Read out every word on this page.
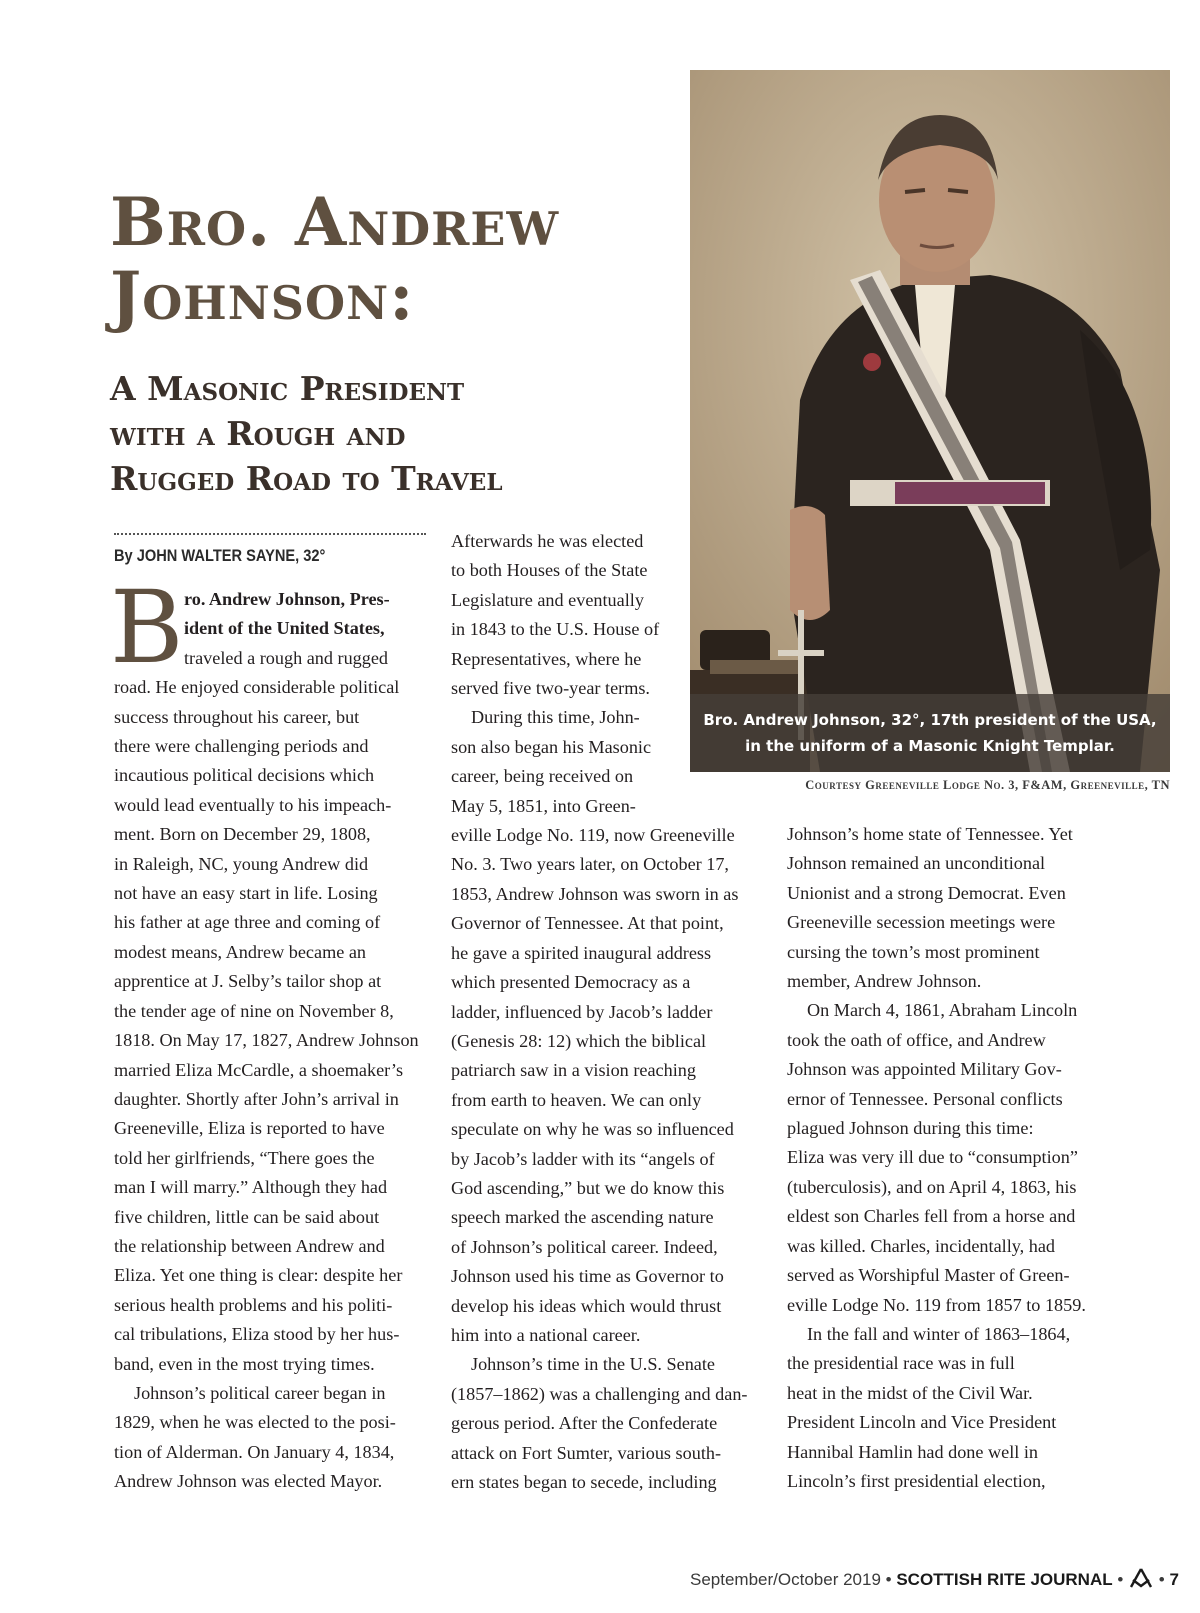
Bro. Andrew
Johnson:
A Masonic President
with a Rough and
Rugged Road to Travel
Bro. Andrew Johnson, 32°, 17th president of the USA,
in the uniform of a Masonic Knight Templar.
Courtesy Greeneville Lodge No. 3, F&AM, Greeneville, TN
By JOHN WALTER SAYNE, 32°
B ro. Andrew Johnson, Pres-
ident of the United States,
traveled a rough and rugged
road. He enjoyed considerable political
success throughout his career, but
there were challenging periods and
incautious political decisions which
would lead eventually to his impeach-
ment. Born on December 29, 1808,
in Raleigh, NC, young Andrew did
not have an easy start in life. Losing
his father at age three and coming of
modest means, Andrew became an
apprentice at J. Selby’s tailor shop at
the tender age of nine on November 8,
1818. On May 17, 1827, Andrew Johnson
married Eliza McCardle, a shoemaker’s
daughter. Shortly after John’s arrival in
Greeneville, Eliza is reported to have
told her girlfriends, “There goes the
man I will marry.” Although they had
five children, little can be said about
the relationship between Andrew and
Eliza. Yet one thing is clear: despite her
serious health problems and his politi-
cal tribulations, Eliza stood by her hus-
band, even in the most trying times.
Johnson’s political career began in
1829, when he was elected to the posi-
tion of Alderman. On January 4, 1834,
Andrew Johnson was elected Mayor.
Afterwards he was elected
to both Houses of the State
Legislature and eventually
in 1843 to the U.S. House of
Representatives, where he
served five two-year terms.
During this time, John-
son also began his Masonic
career, being received on
May 5, 1851, into Green-
eville Lodge No. 119, now Greeneville
No. 3. Two years later, on October 17,
1853, Andrew Johnson was sworn in as
Governor of Tennessee. At that point,
he gave a spirited inaugural address
which presented Democracy as a
ladder, influenced by Jacob’s ladder
(Genesis 28: 12) which the biblical
patriarch saw in a vision reaching
from earth to heaven. We can only
speculate on why he was so influenced
by Jacob’s ladder with its “angels of
God ascending,” but we do know this
speech marked the ascending nature
of Johnson’s political career. Indeed,
Johnson used his time as Governor to
develop his ideas which would thrust
him into a national career.
Johnson’s time in the U.S. Senate
(1857–1862) was a challenging and dan-
gerous period. After the Confederate
attack on Fort Sumter, various south-
ern states began to secede, including
Johnson’s home state of Tennessee. Yet
Johnson remained an unconditional
Unionist and a strong Democrat. Even
Greeneville secession meetings were
cursing the town’s most prominent
member, Andrew Johnson.
On March 4, 1861, Abraham Lincoln
took the oath of office, and Andrew
Johnson was appointed Military Gov-
ernor of Tennessee. Personal conflicts
plagued Johnson during this time:
Eliza was very ill due to “consumption”
(tuberculosis), and on April 4, 1863, his
eldest son Charles fell from a horse and
was killed. Charles, incidentally, had
served as Worshipful Master of Green-
eville Lodge No. 119 from 1857 to 1859.
In the fall and winter of 1863–1864,
the presidential race was in full
heat in the midst of the Civil War.
President Lincoln and Vice President
Hannibal Hamlin had done well in
Lincoln’s first presidential election,
September/October 2019 • SCOTTISH RITE JOURNAL • • 7
